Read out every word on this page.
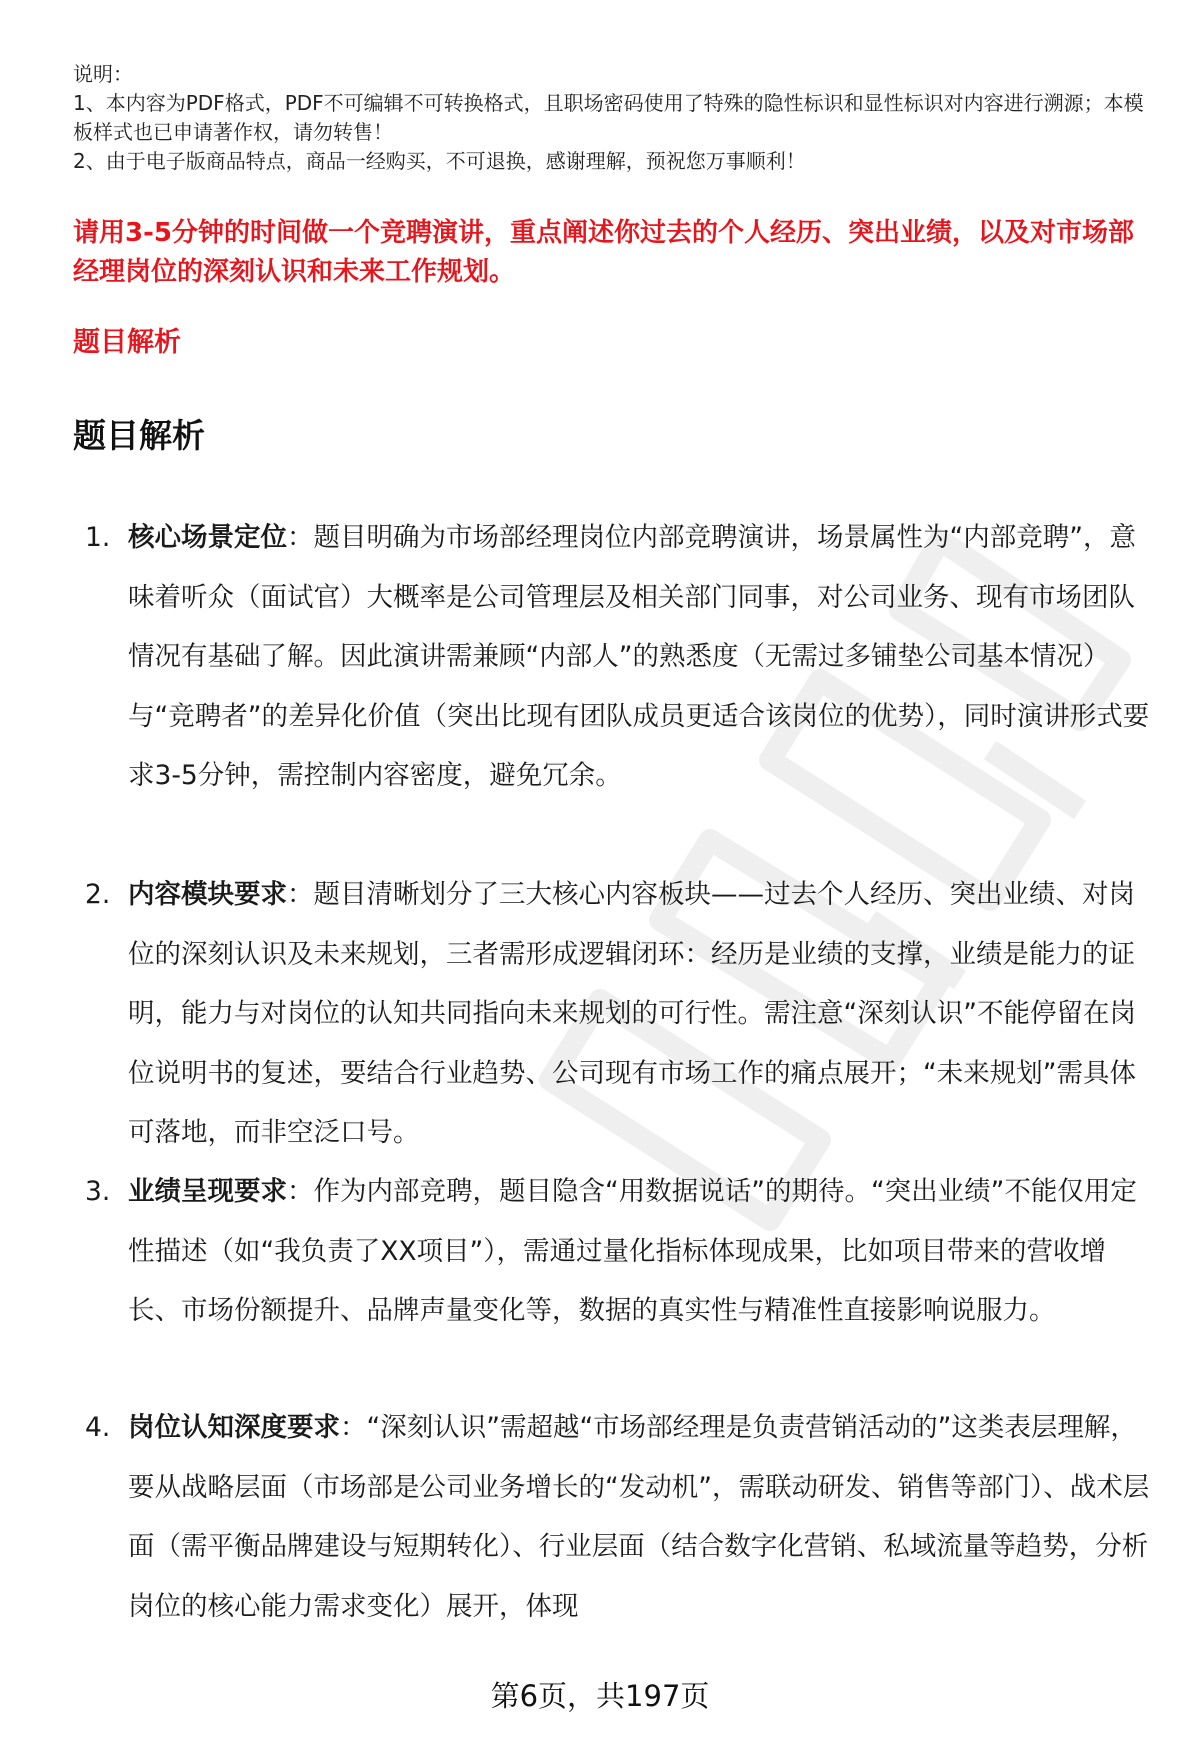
说明：
1、本内容为PDF格式，PDF不可编辑不可转换格式，且职场密码使用了特殊的隐性标识和显性标识对内容进行溯源；本模板样式也已申请著作权，请勿转售！
2、由于电子版商品特点，商品一经购买，不可退换，感谢理解，预祝您万事顺利！
请用3-5分钟的时间做一个竞聘演讲，重点阐述你过去的个人经历、突出业绩，以及对市场部经理岗位的深刻认识和未来工作规划。
题目解析
题目解析
1. 核心场景定位：题目明确为市场部经理岗位内部竞聘演讲，场景属性为“内部竞聘”，意味着听众（面试官）大概率是公司管理层及相关部门同事，对公司业务、现有市场团队情况有基础了解。因此演讲需兼顾“内部人”的熟悉度（无需过多铺垫公司基本情况）与“竞聘者”的差异化价值（突出比现有团队成员更适合该岗位的优势），同时演讲形式要求3-5分钟，需控制内容密度，避免冗余。
2. 内容模块要求：题目清晰划分了三大核心内容板块——过去个人经历、突出业绩、对岗位的深刻认识及未来规划，三者需形成逻辑闭环：经历是业绩的支撑，业绩是能力的证明，能力与对岗位的认知共同指向未来规划的可行性。需注意“深刻认识”不能停留在岗位说明书的复述，要结合行业趋势、公司现有市场工作的痛点展开；“未来规划”需具体可落地，而非空泛口号。
3. 业绩呈现要求：作为内部竞聘，题目隐含“用数据说话”的期待。“突出业绩”不能仅用定性描述（如“我负责了XX项目”），需通过量化指标体现成果，比如项目带来的营收增长、市场份额提升、品牌声量变化等，数据的真实性与精准性直接影响说服力。
4. 岗位认知深度要求：“深刻认识”需超越“市场部经理是负责营销活动的”这类表层理解，要从战略层面（市场部是公司业务增长的“发动机”，需联动研发、销售等部门）、战术层面（需平衡品牌建设与短期转化）、行业层面（结合数字化营销、私域流量等趋势，分析岗位的核心能力需求变化）展开，体现
第6页，共197页
